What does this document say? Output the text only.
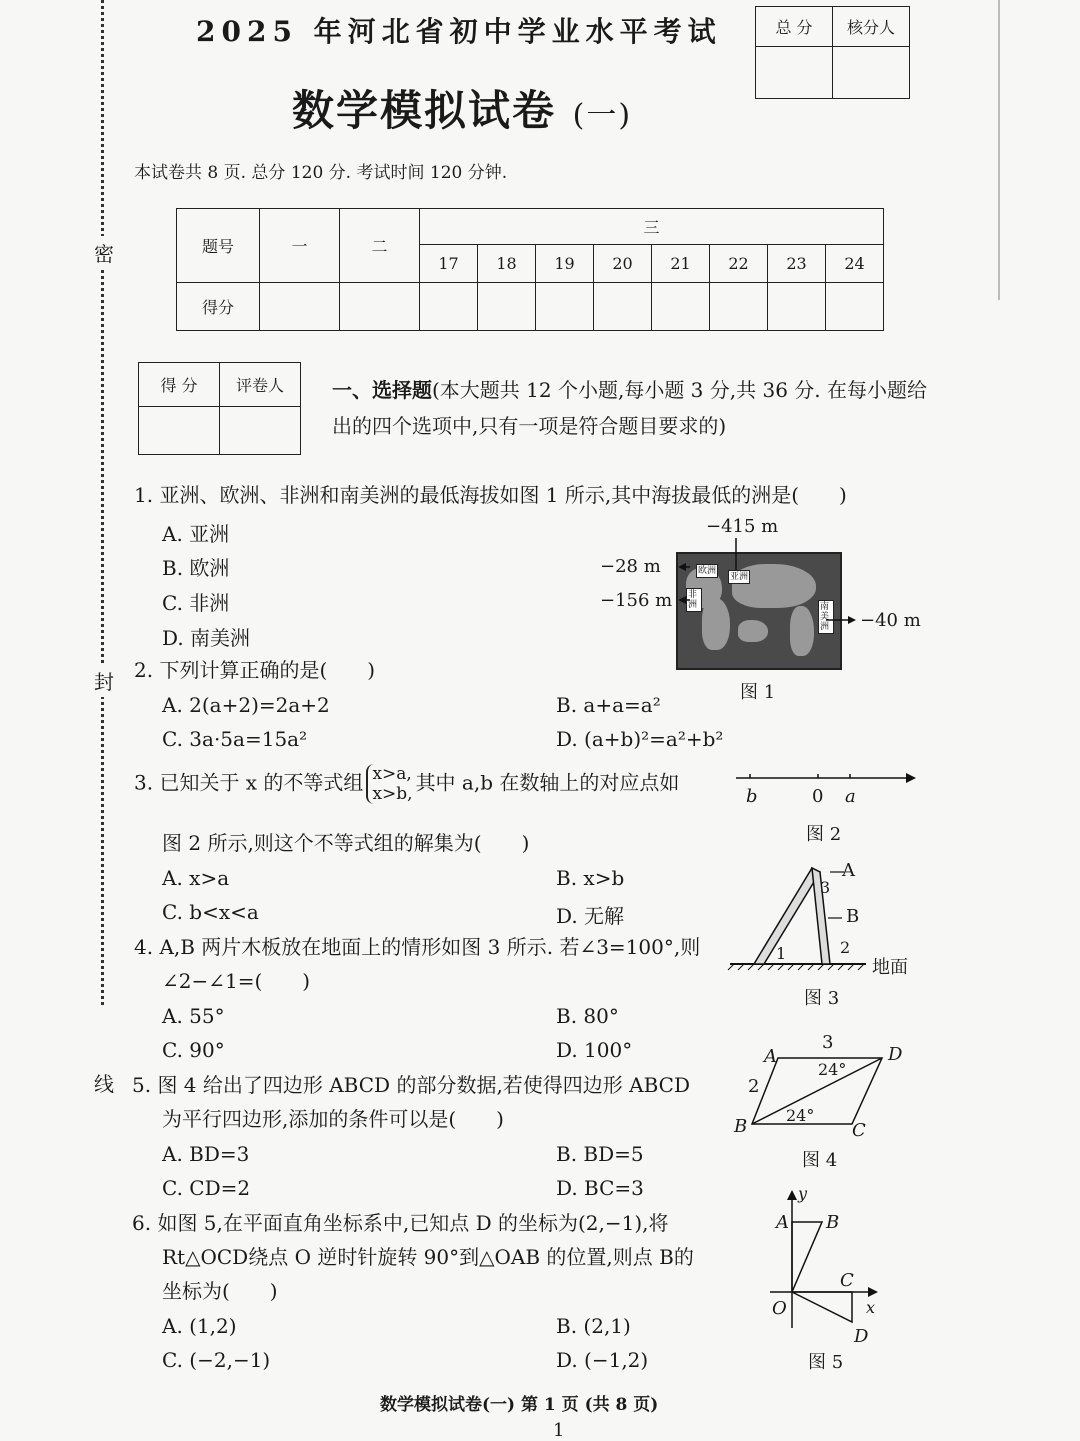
密
封
线
2025 年河北省初中学业水平考试
数学模拟试卷 (一)
总 分	核分人

本试卷共 8 页. 总分 120 分. 考试时间 120 分钟.
题号	一	二	三							
			17	18	19	20	21	22	23	24
得分										
得 分	评卷人
	一、选择题(本大题共 12 个小题,每小题 3 分,共 36 分. 在每小题给出的四个选项中,只有一项是符合题目要求的)
1. 亚洲、欧洲、非洲和南美洲的最低海拔如图 1 所示,其中海拔最低的洲是(　　)
A. 亚洲
B. 欧洲
C. 非洲
D. 南美洲
欧洲
亚洲
非洲	南美洲
−415 m
−28 m
−156 m
−40 m
图 1
2. 下列计算正确的是(　　)
A. 2(a+2)=2a+2	B. a+a=a²
C. 3a·5a=15a²	D. (a+b)²=a²+b²
3. 已知关于 x 的不等式组 x>a,
x>b, 其中 a,b 在数轴上的对应点如
图 2 所示,则这个不等式组的解集为(　　)
A. x>a	B. x>b
C. b<x<a	D. 无解
b	0 a
图 2
4. A,B 两片木板放在地面上的情形如图 3 所示. 若∠3=100°,则
∠2−∠1=(　　)
A. 55°	B. 80°
C. 90°	D. 100°
A
B
3
1	2
地面
图 3
5. 图 4 给出了四边形 ABCD 的部分数据,若使得四边形 ABCD
为平行四边形,添加的条件可以是(　　)
A. BD=3	B. BD=5
C. CD=2	D. BC=3
A	D
B	C
3
2
24°
24°
图 4
6. 如图 5,在平面直角坐标系中,已知点 D 的坐标为(2,−1),将
Rt△OCD绕点 O 逆时针旋转 90°到△OAB 的位置,则点 B的
坐标为(　　)
A. (1,2)	B. (2,1)
C. (−2,−1)	D. (−1,2)
A B
C
D
O	x
y
图 5
数学模拟试卷(一) 第 1 页 (共 8 页)
1
